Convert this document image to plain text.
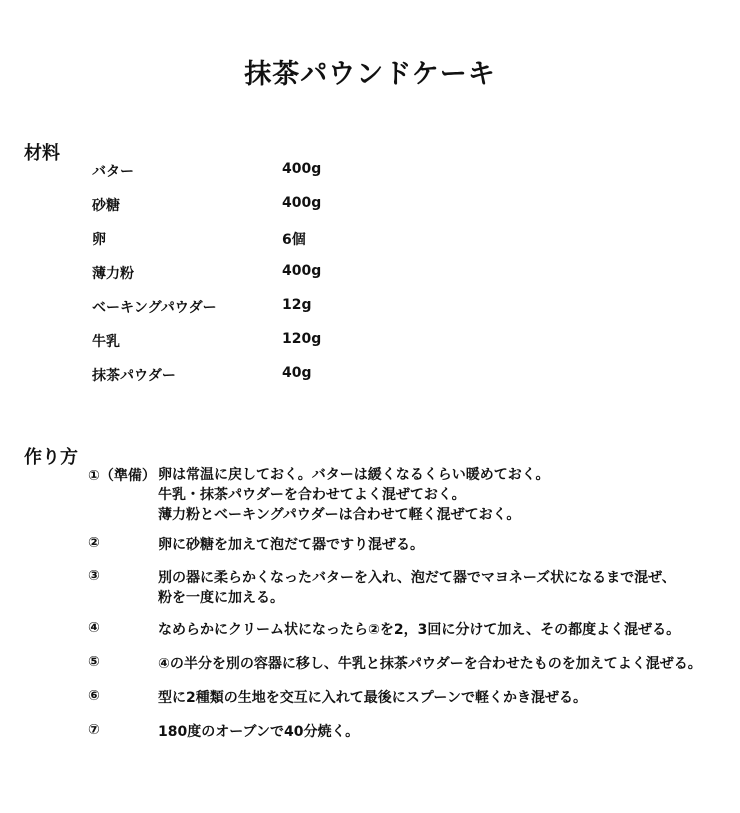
抹茶パウンドケーキ
材料
バター	400g
砂糖	400g
卵	6個
薄力粉	400g
ベーキングパウダー	12g
牛乳	120g
抹茶パウダー	40g
作り方
①（準備） 卵は常温に戻しておく。バターは緩くなるくらい暖めておく。
牛乳・抹茶パウダーを合わせてよく混ぜておく。
薄力粉とベーキングパウダーは合わせて軽く混ぜておく。
②	卵に砂糖を加えて泡だて器ですり混ぜる。
③	別の器に柔らかくなったバターを入れ、泡だて器でマヨネーズ状になるまで混ぜ、
粉を一度に加える。
④	なめらかにクリーム状になったら②を2，3回に分けて加え、その都度よく混ぜる。
⑤	④の半分を別の容器に移し、牛乳と抹茶パウダーを合わせたものを加えてよく混ぜる。
⑥	型に2種類の生地を交互に入れて最後にスプーンで軽くかき混ぜる。
⑦	180度のオーブンで40分焼く。
